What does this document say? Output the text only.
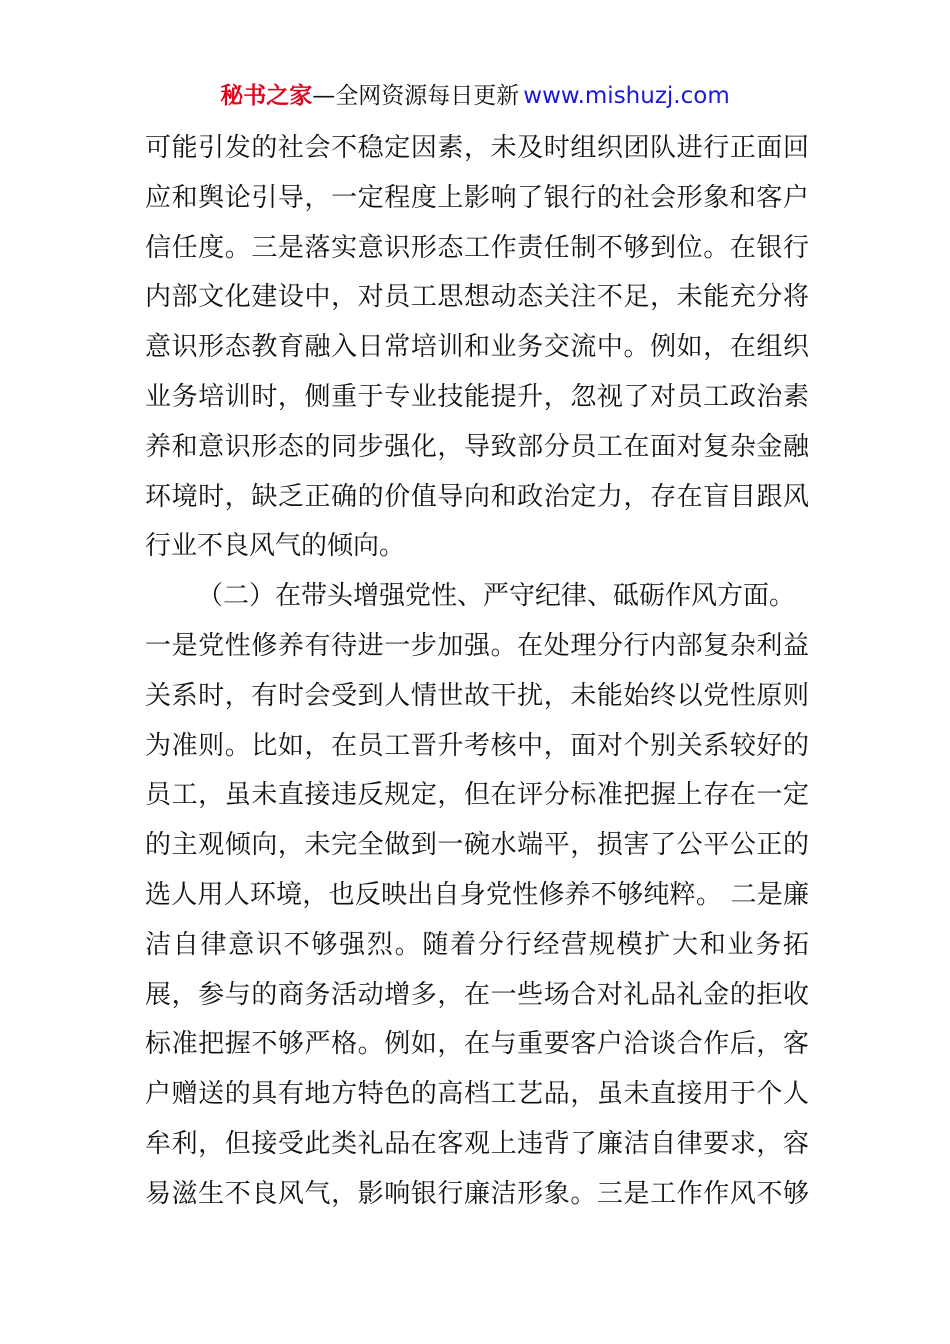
秘书之家—全网资源每日更新 www.mishuzj.com
可能引发的社会不稳定因素，未及时组织团队进行正面回
应和舆论引导，一定程度上影响了银行的社会形象和客户
信任度。三是落实意识形态工作责任制不够到位。在银行
内部文化建设中，对员工思想动态关注不足，未能充分将
意识形态教育融入日常培训和业务交流中。例如，在组织
业务培训时，侧重于专业技能提升，忽视了对员工政治素
养和意识形态的同步强化，导致部分员工在面对复杂金融
环境时，缺乏正确的价值导向和政治定力，存在盲目跟风
行业不良风气的倾向。
（二）在带头增强党性、严守纪律、砥砺作风方面。
一是党性修养有待进一步加强。在处理分行内部复杂利益
关系时，有时会受到人情世故干扰，未能始终以党性原则
为准则。比如，在员工晋升考核中，面对个别关系较好的
员工，虽未直接违反规定，但在评分标准把握上存在一定
的主观倾向，未完全做到一碗水端平，损害了公平公正的
选人用人环境，也反映出自身党性修养不够纯粹。 二是廉
洁自律意识不够强烈。随着分行经营规模扩大和业务拓
展，参与的商务活动增多，在一些场合对礼品礼金的拒收
标准把握不够严格。例如，在与重要客户洽谈合作后，客
户赠送的具有地方特色的高档工艺品，虽未直接用于个人
牟利，但接受此类礼品在客观上违背了廉洁自律要求，容
易滋生不良风气，影响银行廉洁形象。三是工作作风不够
